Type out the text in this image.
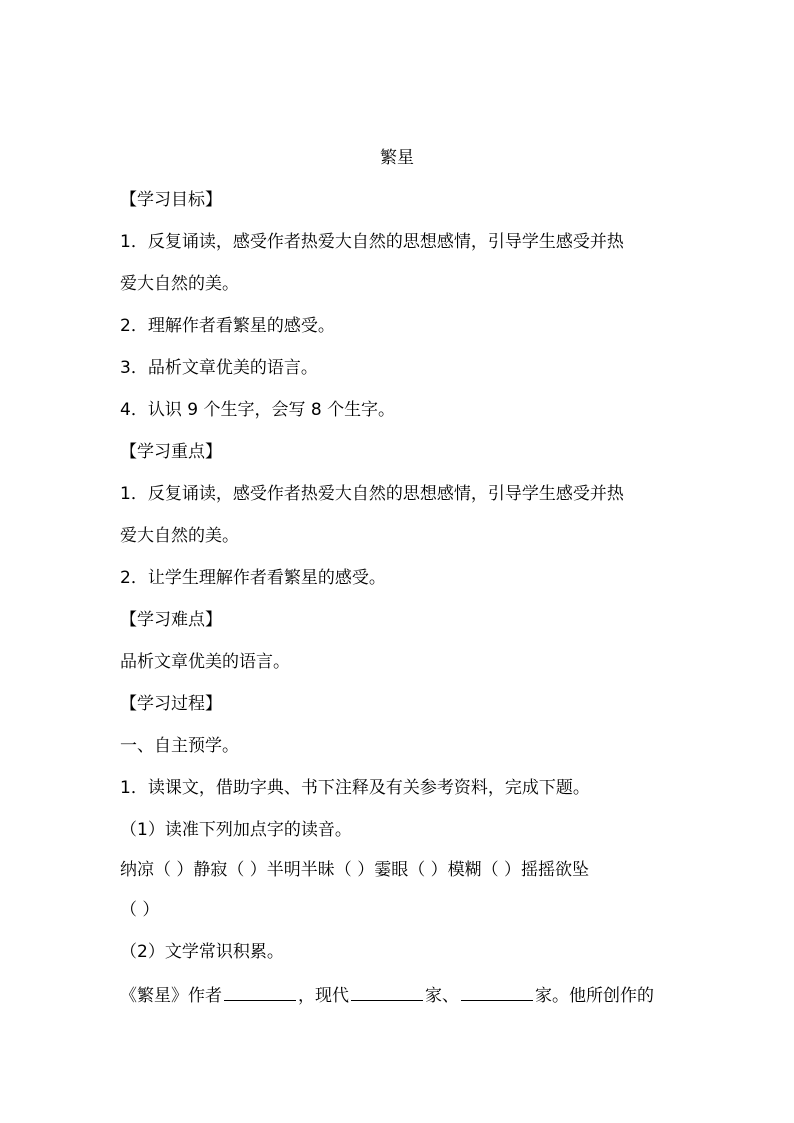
繁星
【学习目标】
1．反复诵读，感受作者热爱大自然的思想感情，引导学生感受并热
爱大自然的美。
2．理解作者看繁星的感受。
3．品析文章优美的语言。
4．认识 9 个生字，会写 8 个生字。
【学习重点】
1．反复诵读，感受作者热爱大自然的思想感情，引导学生感受并热
爱大自然的美。
2．让学生理解作者看繁星的感受。
【学习难点】
品析文章优美的语言。
【学习过程】
一、自主预学。
1．读课文，借助字典、书下注释及有关参考资料，完成下题。
（1）读准下列加点字的读音。
纳凉（ ）静寂（ ）半明半昧（ ）霎眼（ ）模糊（ ）摇摇欲坠
（ ）
（2）文学常识积累。
《繁星》作者	，现代	家、	家。他所创作的
